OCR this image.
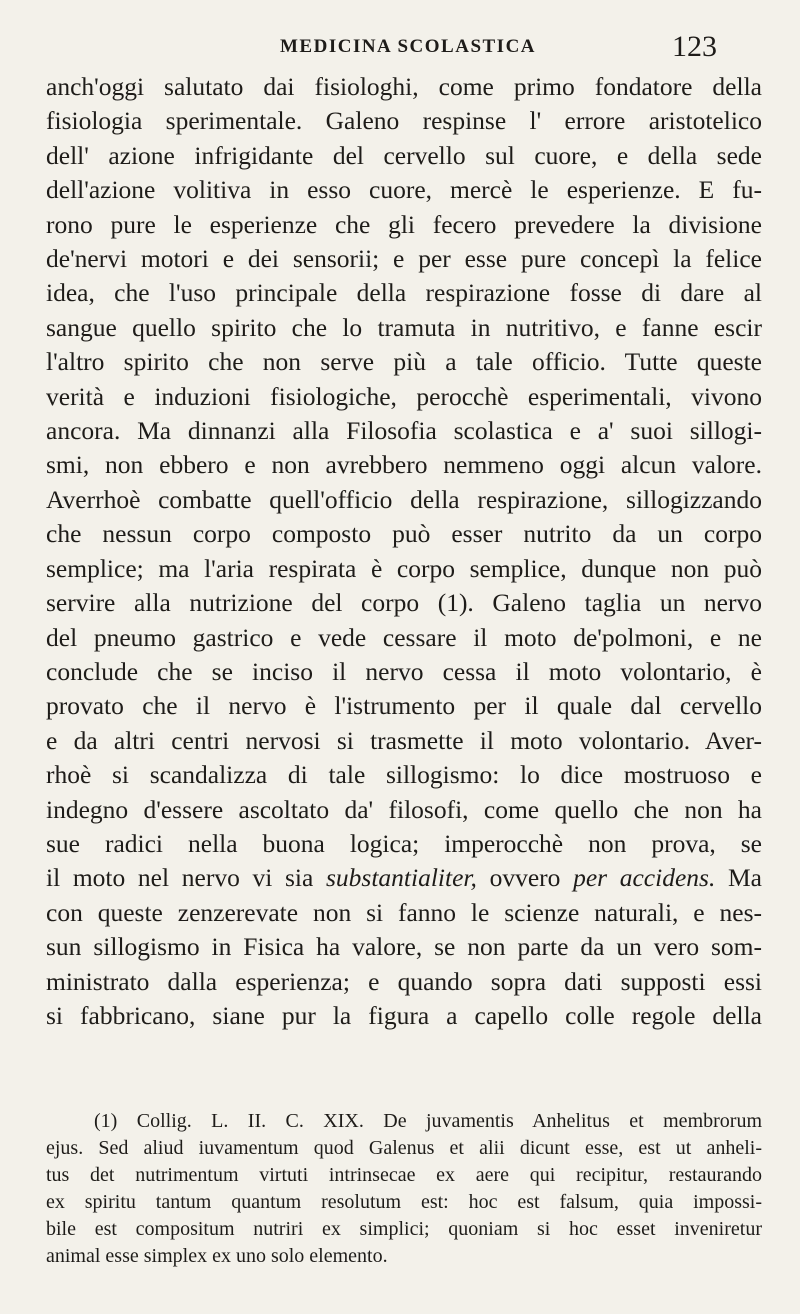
MEDICINA SCOLASTICA	123
anch'oggi salutato dai fisiologhi, come primo fondatore della
fisiologia sperimentale. Galeno respinse l' errore aristotelico
dell' azione infrigidante del cervello sul cuore, e della sede
dell'azione volitiva in esso cuore, mercè le esperienze. E fu-
rono pure le esperienze che gli fecero prevedere la divisione
de'nervi motori e dei sensorii; e per esse pure concepì la felice
idea, che l'uso principale della respirazione fosse di dare al
sangue quello spirito che lo tramuta in nutritivo, e fanne escir
l'altro spirito che non serve più a tale officio. Tutte queste
verità e induzioni fisiologiche, perocchè esperimentali, vivono
ancora. Ma dinnanzi alla Filosofia scolastica e a' suoi sillogi-
smi, non ebbero e non avrebbero nemmeno oggi alcun valore.
Averrhoè combatte quell'officio della respirazione, sillogizzando
che nessun corpo composto può esser nutrito da un corpo
semplice; ma l'aria respirata è corpo semplice, dunque non può
servire alla nutrizione del corpo (1). Galeno taglia un nervo
del pneumo gastrico e vede cessare il moto de'polmoni, e ne
conclude che se inciso il nervo cessa il moto volontario, è
provato che il nervo è l'istrumento per il quale dal cervello
e da altri centri nervosi si trasmette il moto volontario. Aver-
rhoè si scandalizza di tale sillogismo: lo dice mostruoso e
indegno d'essere ascoltato da' filosofi, come quello che non ha
sue radici nella buona logica; imperocchè non prova, se
il moto nel nervo vi sia substantialiter, ovvero per accidens. Ma
con queste zenzerevate non si fanno le scienze naturali, e nes-
sun sillogismo in Fisica ha valore, se non parte da un vero som-
ministrato dalla esperienza; e quando sopra dati supposti essi
si fabbricano, siane pur la figura a capello colle regole della
(1) Collig. L. II. C. XIX. De juvamentis Anhelitus et membrorum
ejus. Sed aliud iuvamentum quod Galenus et alii dicunt esse, est ut anheli-
tus det nutrimentum virtuti intrinsecae ex aere qui recipitur, restaurando
ex spiritu tantum quantum resolutum est: hoc est falsum, quia impossi-
bile est compositum nutriri ex simplici; quoniam si hoc esset inveniretur
animal esse simplex ex uno solo elemento.
